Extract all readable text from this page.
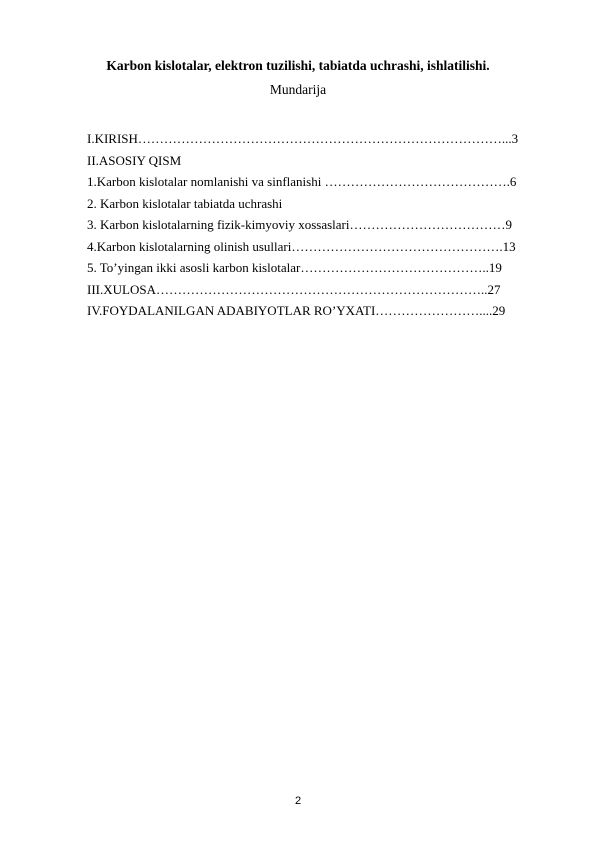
Karbon kislotalar, elektron tuzilishi, tabiatda uchrashi, ishlatilishi.
Mundarija
I.KIRISH…………………………………………………………………………...3
II.ASOSIY QISM
1.Karbon kislotalar nomlanishi va sinflanishi …………………………………….6
2. Karbon kislotalar tabiatda uchrashi
3. Karbon kislotalarning fizik-kimyoviy xossaslari………………………………9
4.Karbon kislotalarning olinish usullari………………………………………….13
5. To’yingan ikki asosli karbon kislotalar……………………………………..19
III.XULOSA…………………………………………………………………..27
IV.FOYDALANILGAN ADABIYOTLAR RO’YXATI……………………....29
2
